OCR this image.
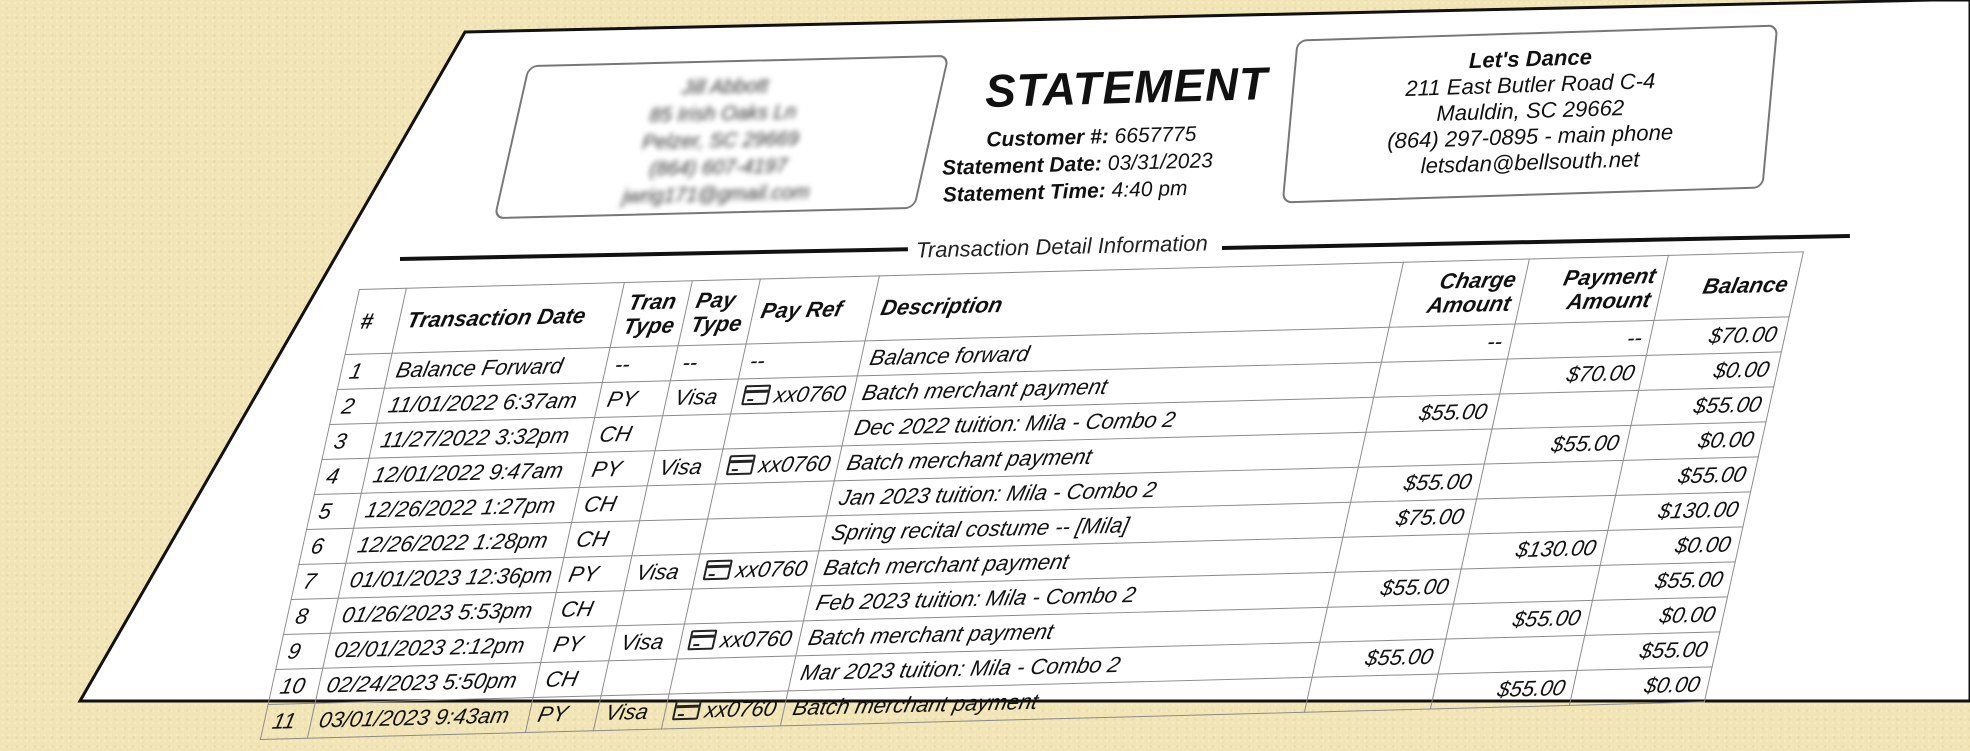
Jill Abbott
85 Irish Oaks Ln
Pelzer, SC 29669
(864) 607-4197
jwrig171@gmail.com
STATEMENT
Customer #: 6657775
Statement Date: 03/31/2023
Statement Time: 4:40 pm
Let's Dance
211 East Butler Road C-4
Mauldin, SC 29662
(864) 297-0895 - main phone
letsdan@bellsouth.net
Transaction Detail Information
#	Transaction Date	Tran Type	Pay Type	Pay Ref	Description	Charge Amount	Payment Amount	Balance
1	Balance Forward	--	--	--	Balance forward	--	--	$70.00
2	11/01/2022 6:37am	PY	Visa	xx0760	Batch merchant payment		$70.00	$0.00
3	11/27/2022 3:32pm	CH			Dec 2022 tuition: Mila - Combo 2	$55.00		$55.00
4	12/01/2022 9:47am	PY	Visa	xx0760	Batch merchant payment		$55.00	$0.00
5	12/26/2022 1:27pm	CH			Jan 2023 tuition: Mila - Combo 2	$55.00		$55.00
6	12/26/2022 1:28pm	CH			Spring recital costume -- [Mila]	$75.00		$130.00
7	01/01/2023 12:36pm	PY	Visa	xx0760	Batch merchant payment		$130.00	$0.00
8	01/26/2023 5:53pm	CH			Feb 2023 tuition: Mila - Combo 2	$55.00		$55.00
9	02/01/2023 2:12pm	PY	Visa	xx0760	Batch merchant payment		$55.00	$0.00
10	02/24/2023 5:50pm	CH			Mar 2023 tuition: Mila - Combo 2	$55.00		$55.00
11	03/01/2023 9:43am	PY	Visa	xx0760	Batch merchant payment		$55.00	$0.00
